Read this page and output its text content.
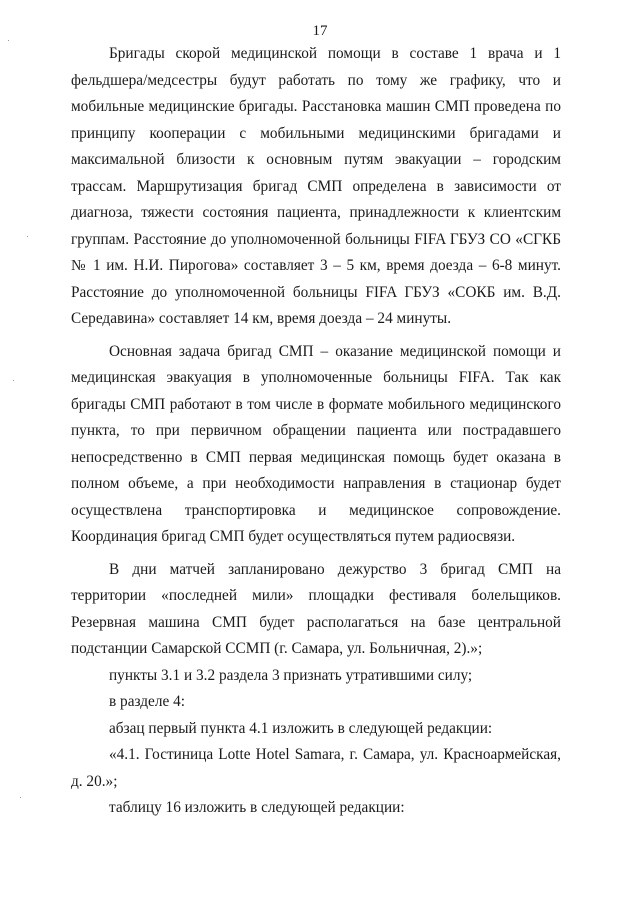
17

Бригады скорой медицинской помощи в составе 1 врача и 1 фельдшера/медсестры будут работать по тому же графику, что и мобильные медицинские бригады. Расстановка машин СМП проведена по принципу кооперации с мобильными медицинскими бригадами и максимальной близости к основным путям эвакуации – городским трассам. Маршрутизация бригад СМП определена в зависимости от диагноза, тяжести состояния пациента, принадлежности к клиентским группам. Расстояние до уполномоченной больницы FIFA ГБУЗ СО «СГКБ № 1 им. Н.И. Пирогова» составляет 3 – 5 км, время доезда – 6-8 минут. Расстояние до уполномоченной больницы FIFA ГБУЗ «СОКБ им. В.Д. Середавина» составляет 14 км, время доезда – 24 минуты.

Основная задача бригад СМП – оказание медицинской помощи и медицинская эвакуация в уполномоченные больницы FIFA. Так как бригады СМП работают в том числе в формате мобильного медицинского пункта, то при первичном обращении пациента или пострадавшего непосредственно в СМП первая медицинская помощь будет оказана в полном объеме, а при необходимости направления в стационар будет осуществлена транспортировка и медицинское сопровождение. Координация бригад СМП будет осуществляться путем радиосвязи.

В дни матчей запланировано дежурство 3 бригад СМП на территории «последней мили» площадки фестиваля болельщиков. Резервная машина СМП будет располагаться на базе центральной подстанции Самарской ССМП (г. Самара, ул. Больничная, 2).»;

пункты 3.1 и 3.2 раздела 3 признать утратившими силу;

в разделе 4:

абзац первый пункта 4.1 изложить в следующей редакции:

«4.1. Гостиница Lotte Hotel Samara, г. Самара, ул. Красноармейская, д. 20.»;

таблицу 16 изложить в следующей редакции:
